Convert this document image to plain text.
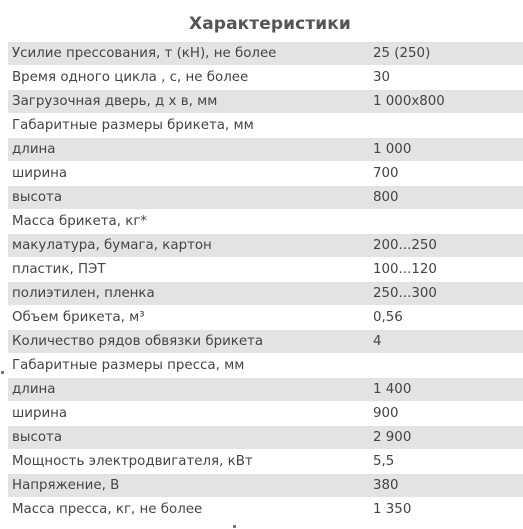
Характеристики
Усилие прессования, т (кН), не более	25 (250)
Время одного цикла , с, не более	30
Загрузочная дверь, д х в, мм	1 000х800
Габаритные размеры брикета, мм	
длина	1 000
ширина	700
высота	800
Масса брикета, кг*	
макулатура, бумага, картон	200...250
пластик, ПЭТ	100...120
полиэтилен, пленка	250...300
Объем брикета, м³	0,56
Количество рядов обвязки брикета	4
Габаритные размеры пресса, мм	
длина	1 400
ширина	900
высота	2 900
Мощность электродвигателя, кВт	5,5
Напряжение, В	380
Масса пресса, кг, не более	1 350
